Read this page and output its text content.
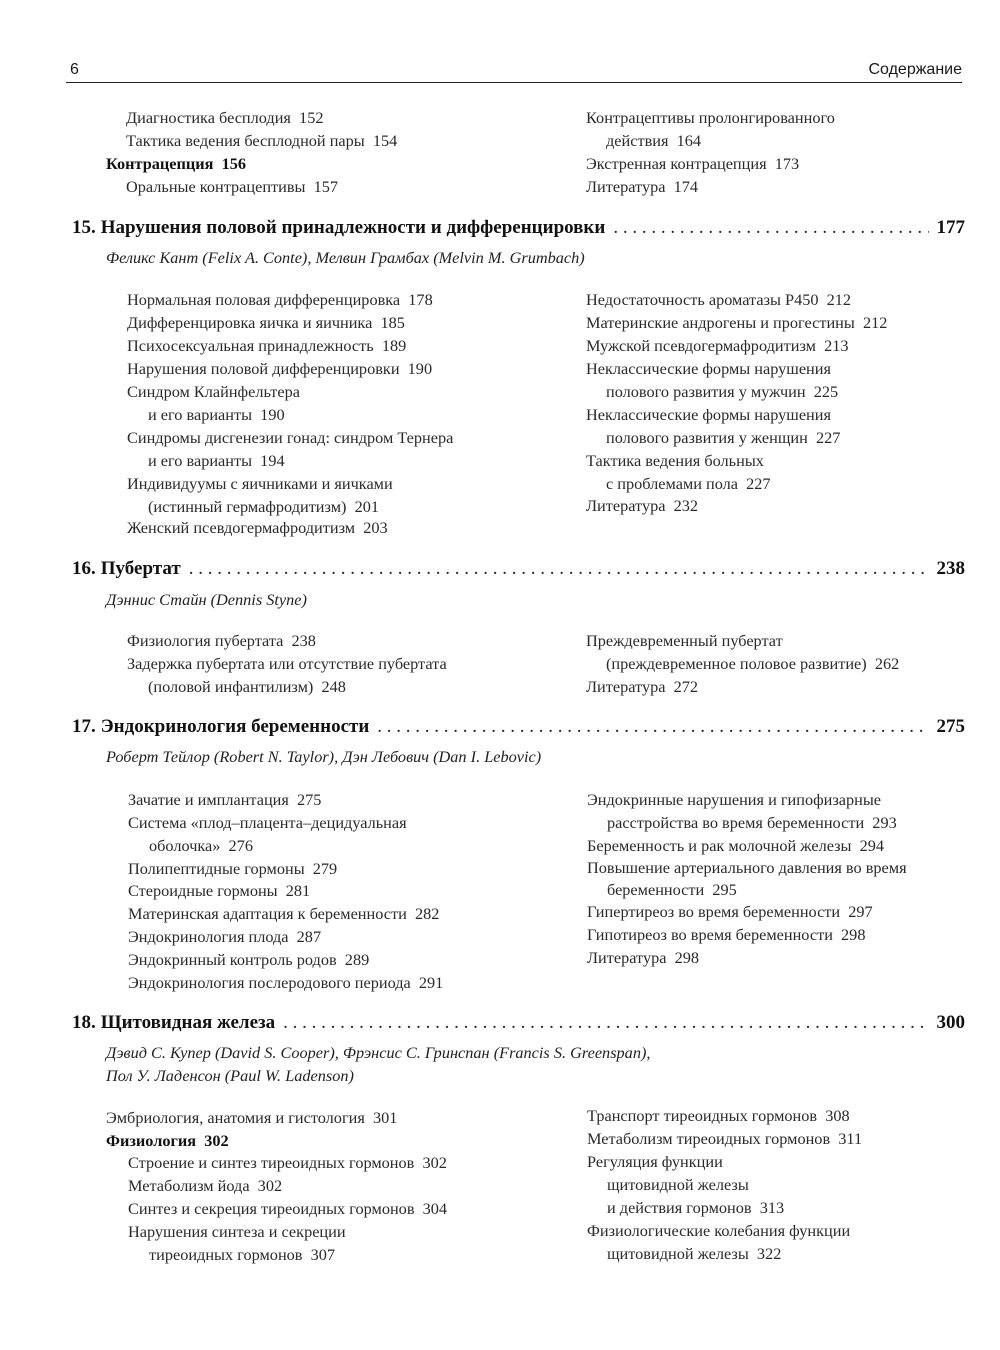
6	Содержание
Диагностика бесплодия  152
Тактика ведения бесплодной пары  154
Контрацепция  156
Оральные контрацептивы  157
Контрацептивы пролонгированного
действия  164
Экстренная контрацепция  173
Литература  174
15. Нарушения половой принадлежности и дифференцировки . . .	177
Феликс Кант (Felix A. Conte), Мелвин Грамбах (Melvin M. Grumbach)
Нормальная половая дифференцировка  178
Дифференцировка яичка и яичника  185
Психосексуальная принадлежность  189
Нарушения половой дифференцировки  190
Синдром Клайнфельтера
и его варианты  190
Синдромы дисгенезии гонад: синдром Тернера
и его варианты  194
Индивидуумы с яичниками и яичками
(истинный гермафродитизм)  201
Женский псевдогермафродитизм  203
Недостаточность ароматазы Р450  212
Материнские андрогены и прогестины  212
Мужской псевдогермафродитизм  213
Неклассические формы нарушения
полового развития у мужчин  225
Неклассические формы нарушения
полового развития у женщин  227
Тактика ведения больных
с проблемами пола  227
Литература  232
16. Пубертат . . .	238
Дэннис Стайн (Dennis Styne)
Физиология пубертата  238
Задержка пубертата или отсутствие пубертата
(половой инфантилизм)  248
Преждевременный пубертат
(преждевременное половое развитие)  262
Литература  272
17. Эндокринология беременности . . .	275
Роберт Тейлор (Robert N. Taylor), Дэн Лебович (Dan I. Lebovic)
Зачатие и имплантация  275
Система «плод–плацента–децидуальная
оболочка»  276
Полипептидные гормоны  279
Стероидные гормоны  281
Материнская адаптация к беременности  282
Эндокринология плода  287
Эндокринный контроль родов  289
Эндокринология послеродового периода  291
Эндокринные нарушения и гипофизарные
расстройства во время беременности  293
Беременность и рак молочной железы  294
Повышение артериального давления во время
беременности  295
Гипертиреоз во время беременности  297
Гипотиреоз во время беременности  298
Литература  298
18. Щитовидная железа . . .	300
Дэвид С. Купер (David S. Cooper), Фрэнсис С. Гринспан (Francis S. Greenspan),
Пол У. Ладенсон (Paul W. Ladenson)
Эмбриология, анатомия и гистология  301
Физиология  302
Строение и синтез тиреоидных гормонов  302
Метаболизм йода  302
Синтез и секреция тиреоидных гормонов  304
Нарушения синтеза и секреции
тиреоидных гормонов  307
Транспорт тиреоидных гормонов  308
Метаболизм тиреоидных гормонов  311
Регуляция функции
щитовидной железы
и действия гормонов  313
Физиологические колебания функции
щитовидной железы  322
